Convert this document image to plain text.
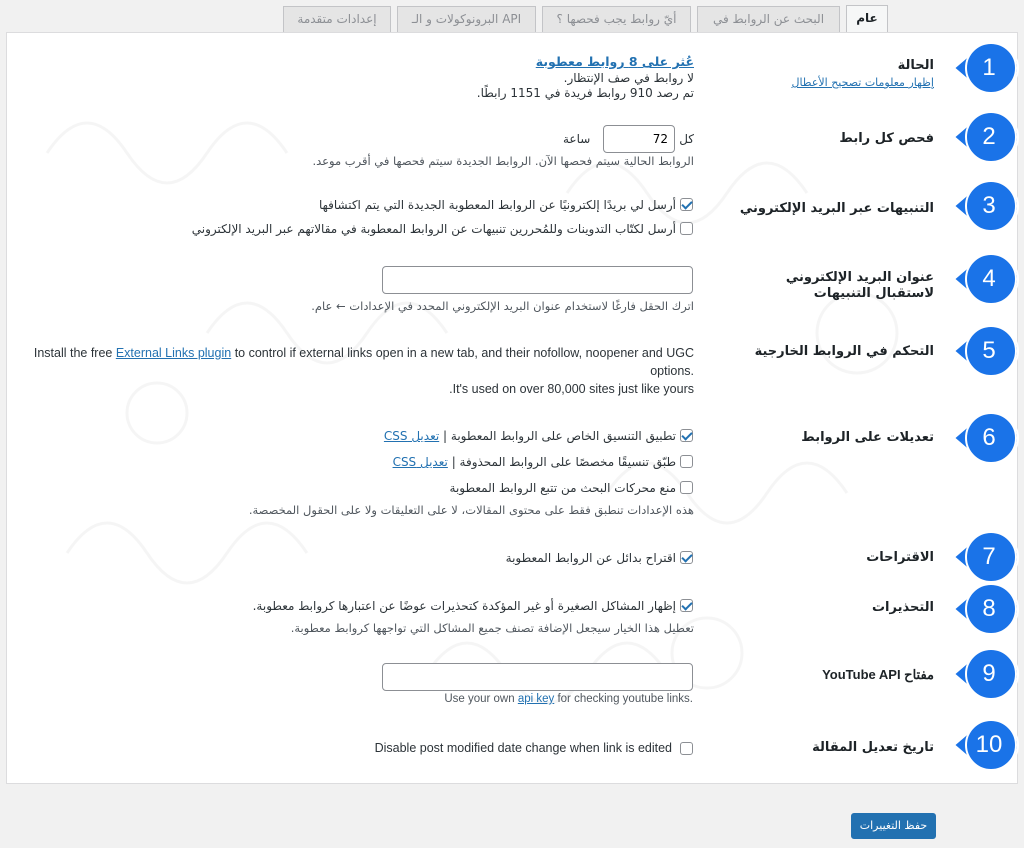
عام
البحث عن الروابط في
أيّ روابط يجب فحصها ؟
البرونوكولات و الـ API
إعدادات متقدمة
الحالة
إظهار معلومات تصحيح الأعطال
عُثر على 8 روابط معطوبة
لا روابط في صف الإنتظار.
تم رصد 910 روابط فريدة في 1151 رابطًا.
فحص كل رابط
كل
72
ساعة
الروابط الحالية سيتم فحصها الآن. الروابط الجديدة سيتم فحصها في أقرب موعد.
التنبيهات عبر البريد الإلكتروني
أرسل لي بريدًا إلكترونيًا عن الروابط المعطوبة الجديدة التي يتم اكتشافها
أرسل لكتّاب التدوينات وللمُحررين تنبيهات عن الروابط المعطوبة في مقالاتهم عبر البريد الإلكتروني
عنوان البريد الإلكتروني لاستقبال التنبيهات
اترك الحقل فارغًا لاستخدام عنوان البريد الإلكتروني المحدد في الإعدادات ← عام.
التحكم في الروابط الخارجية
Install the free External Links plugin to control if external links open in a new tab, and their nofollow, noopener and UGC
options.
.It's used on over 80,000 sites just like yours
تعديلات على الروابط
تطبيق التنسيق الخاص على الروابط المعطوبة | تعديل CSS
طبّق تنسيقًا مخصصًا على الروابط المحذوفة | تعديل CSS
منع محركات البحث من تتبع الروابط المعطوبة
هذه الإعدادات تنطبق فقط على محتوى المقالات، لا على التعليقات ولا على الحقول المخصصة.
الاقتراحات
اقتراح بدائل عن الروابط المعطوبة
التحذيرات
إظهار المشاكل الصغيرة أو غير المؤكدة كتحذيرات عوضًا عن اعتبارها كروابط معطوبة.
تعطيل هذا الخيار سيجعل الإضافة تصنف جميع المشاكل التي تواجهها كروابط معطوبة.
مفتاح YouTube API
Use your own api key for checking youtube links.
تاريخ تعديل المقالة
Disable post modified date change when link is edited
1
2
3
4
5
6
7
8
9
10
حفظ التغييرات
